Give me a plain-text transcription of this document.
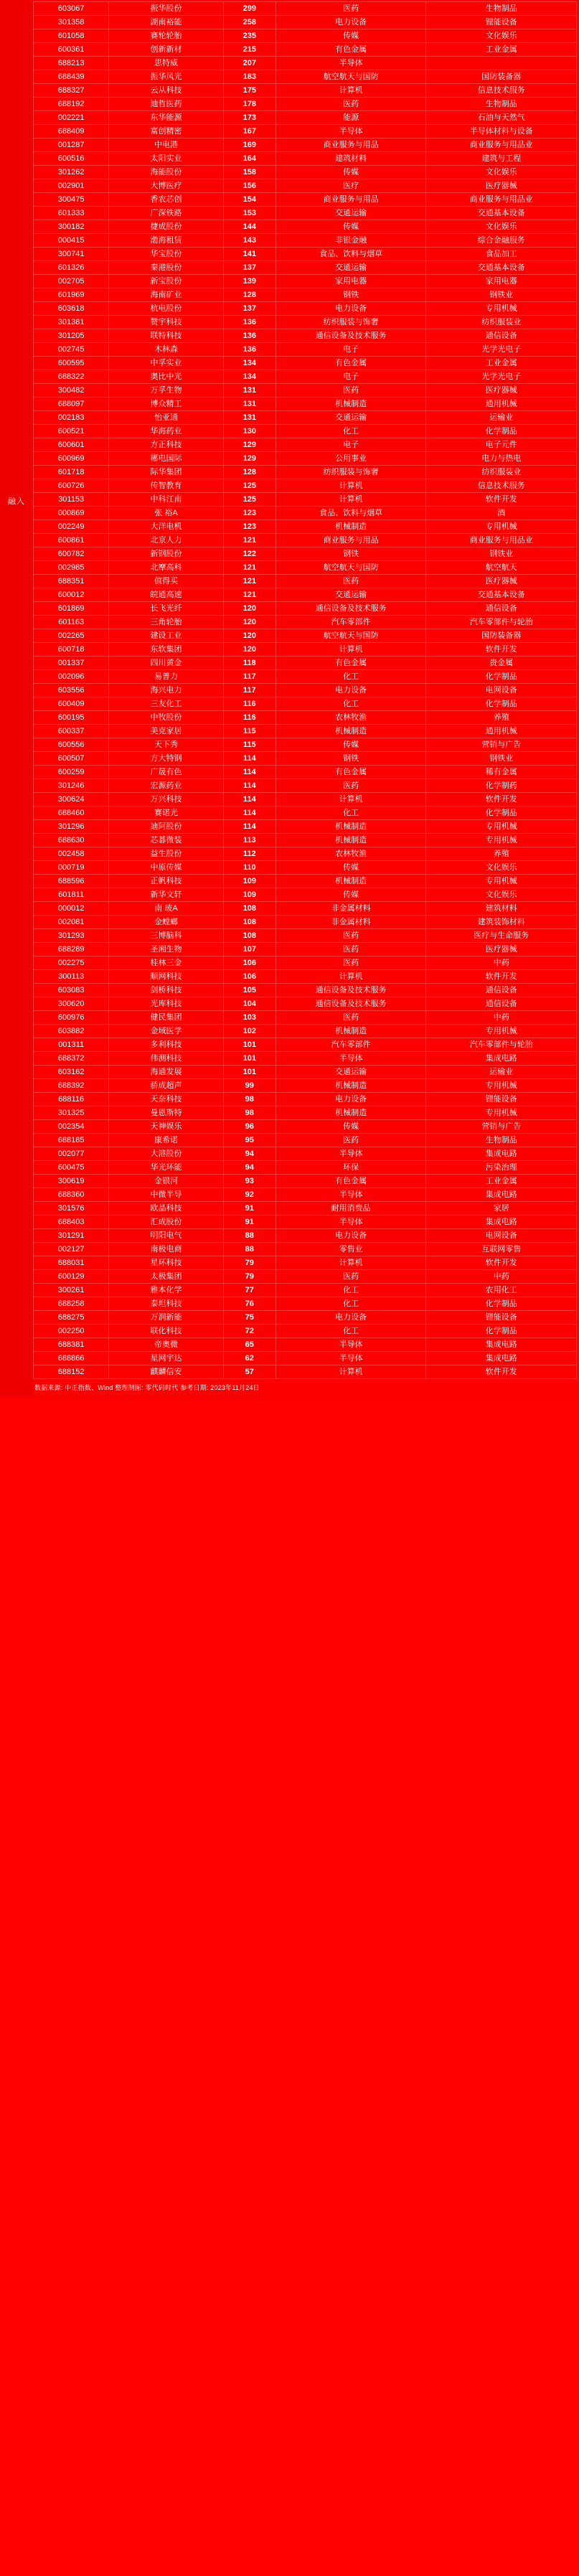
融入
603067	振华股份	299	医药	生物制品
301358	湖南裕能	258	电力设备	锂能设备
601058	赛轮轮胎	235	传媒	文化娱乐
600361	创新新材	215	有色金属	工业金属
688213	思特威	207	半导体	
688439	振华风光	183	航空航天与国防	国防装备器
688327	云从科技	175	计算机	信息技术服务
688192	迪哲医药	178	医药	生物制品
002221	东华能源	173	能源	石油与天然气
688409	富创精密	167	半导体	半导体材料与设备
001287	中电港	169	商业服务与用品	商业服务与用品业
600516	太阳实业	164	建筑材料	建筑与工程
301262	海能股份	158	传媒	文化娱乐
002901	大博医疗	156	医疗	医疗器械
300475	香农芯创	154	商业服务与用品	商业服务与用品业
601333	广深铁路	153	交通运输	交通基本设备
300182	捷成股份	144	传媒	文化娱乐
000415	渤海租赁	143	非银金融	综合金融服务
300741	华宝股份	141	食品、饮料与烟草	食品加工
601326	秦港股份	137	交通运输	交通基本设备
002705	新宝股份	139	家用电器	家用电器
601969	海南矿业	128	钢铁	钢铁业
603618	杭电股份	137	电力设备	专用机械
301381	赞宇科技	136	纺织服装与饰奢	纺织服装业
301205	联特科技	136	通信设备及技术服务	通信设备
002745	木林森	136	电子	光学光电子
600595	中孚实业	134	有色金属	工业金属
688322	奥比中光	134	电子	光学光电子
300482	万孚生物	131	医药	医疗器械
688097	博众精工	131	机械制造	通用机械
002183	怡亚通	131	交通运输	运输业
600521	华海药业	130	化工	化学制品
600601	方正科技	129	电子	电子元件
600969	郴电国际	129	公用事业	电力与热电
601718	际华集团	128	纺织服装与饰奢	纺织服装业
600726	传智教育	125	计算机	信息技术服务
301153	中科江南	125	计算机	软件开发
000869	张 裕A	123	食品、饮料与烟草	酒
002249	大洋电机	123	机械制造	专用机械
600861	北京人力	121	商业服务与用品	商业服务与用品业
600782	新钢股份	122	钢铁	钢铁业
002985	北摩高科	121	航空航天与国防	航空航天
688351	值得买	121	医药	医疗器械
600012	皖通高速	121	交通运输	交通基本设备
601869	长飞光纤	120	通信设备及技术服务	通信设备
601163	三角轮胎	120	汽车零部件	汽车零部件与轮胎
002265	建设工业	120	航空航天与国防	国防装备器
600718	东软集团	120	计算机	软件开发
001337	四川黄金	118	有色金属	贵金属
002096	易普力	117	化工	化学制品
603556	海兴电力	117	电力设备	电网设备
600409	三友化工	116	化工	化学制品
600195	中牧股份	116	农林牧渔	养殖
600337	美克家居	115	机械制造	通用机械
600556	天下秀	115	传媒	营销与广告
600507	方大特钢	114	钢铁	钢铁业
600259	广晟有色	114	有色金属	稀有金属
301246	宏源药业	114	医药	化学制药
300624	万兴科技	114	计算机	软件开发
688460	赛诺光	114	化工	化学制品
301296	迪阿股份	114	机械制造	专用机械
688630	芯碁微装	113	机械制造	专用机械
002458	益生股份	112	农林牧渔	养殖
000719	中原传媒	110	传媒	文化娱乐
688596	正帆科技	109	机械制造	专用机械
601811	新华文轩	109	传媒	文化娱乐
000012	南 玻A	108	非金属材料	建筑材料
002081	金螳螂	108	非金属材料	建筑装饰材料
301293	三博脑科	108	医药	医疗与生命服务
688289	圣湘生物	107	医药	医疗器械
002275	桂林三金	106	医药	中药
300113	顺网科技	106	计算机	软件开发
603083	剑桥科技	105	通信设备及技术服务	通信设备
300620	光库科技	104	通信设备及技术服务	通信设备
600976	健民集团	103	医药	中药
603882	金域医学	102	机械制造	专用机械
001311	多利科技	101	汽车零部件	汽车零部件与轮胎
688372	伟测科技	101	半导体	集成电路
603162	海通发展	101	交通运输	运输业
688392	骄成超声	99	机械制造	专用机械
688116	天奈科技	98	电力设备	锂能设备
301325	曼恩斯特	98	机械制造	专用机械
002354	天神娱乐	96	传媒	营销与广告
688185	康希诺	95	医药	生物制品
002077	大港股份	94	半导体	集成电路
600475	华光环能	94	环保	污染治理
300619	金银河	93	有色金属	工业金属
688360	中微半导	92	半导体	集成电路
301576	欧晶科技	91	耐用消费品	家居
688403	汇成股份	91	半导体	集成电路
301291	明阳电气	88	电力设备	电网设备
002127	南极电商	88	零售业	互联网零售
688031	星环科技	79	计算机	软件开发
600129	太极集团	79	医药	中药
300261	雅本化学	77	化工	农用化工
688258	泰坦科技	76	化工	化学制品
688275	万润新能	75	电力设备	锂能设备
002250	联化科技	72	化工	化学制品
688381	帝奥微	65	半导体	集成电路
688866	星网宇达	62	半导体	集成电路
688152	麒麟信安	57	计算机	软件开发
数据来源: 中正指数、Wind 整理制图: 零代码时代 参考日期: 2023年11月24日
